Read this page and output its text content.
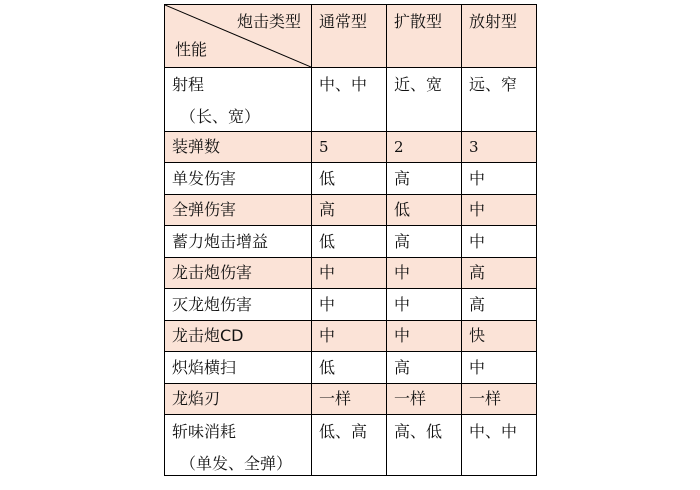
炮击类型
性能	通常型	扩散型	放射型
射程
（长、宽）	中、中	近、宽	远、窄
装弹数	5	2	3
单发伤害	低	高	中
全弹伤害	高	低	中
蓄力炮击增益	低	高	中
龙击炮伤害	中	中	高
灭龙炮伤害	中	中	高
龙击炮CD	中	中	快
炽焰横扫	低	高	中
龙焰刃	一样	一样	一样
斩味消耗
（单发、全弹）	低、高	高、低	中、中
